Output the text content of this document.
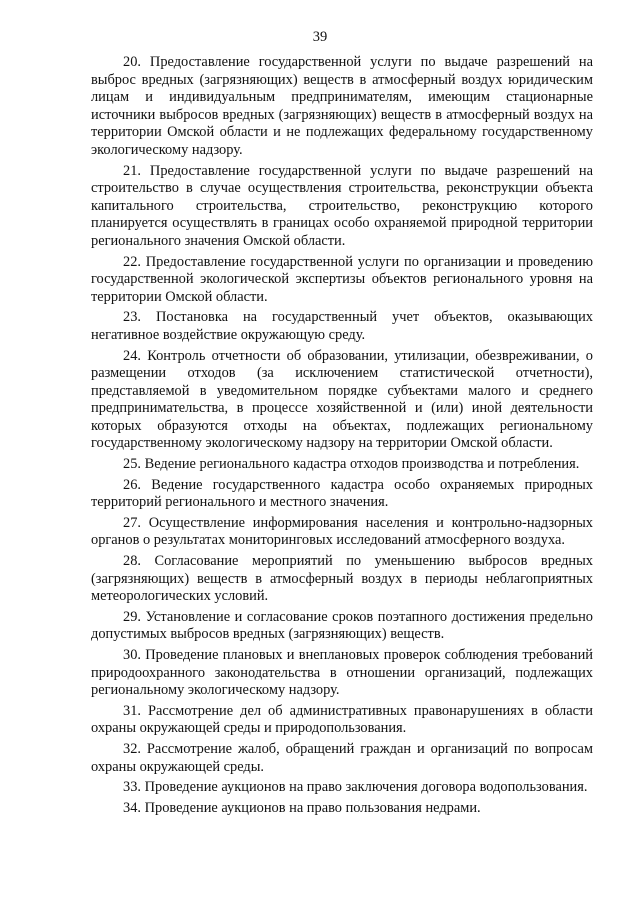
39

20. Предоставление государственной услуги по выдаче разрешений на выброс вредных (загрязняющих) веществ в атмосферный воздух юридическим лицам и индивидуальным предпринимателям, имеющим стационарные источники выбросов вредных (загрязняющих) веществ в атмосферный воздух на территории Омской области и не подлежащих федеральному государственному экологическому надзору.

21. Предоставление государственной услуги по выдаче разрешений на строительство в случае осуществления строительства, реконструкции объекта капитального строительства, строительство, реконструкцию которого планируется осуществлять в границах особо охраняемой природной территории регионального значения Омской области.

22. Предоставление государственной услуги по организации и проведению государственной экологической экспертизы объектов регионального уровня на территории Омской области.

23. Постановка на государственный учет объектов, оказывающих негативное воздействие окружающую среду.

24. Контроль отчетности об образовании, утилизации, обезвреживании, о размещении отходов (за исключением статистической отчетности), представляемой в уведомительном порядке субъектами малого и среднего предпринимательства, в процессе хозяйственной и (или) иной деятельности которых образуются отходы на объектах, подлежащих региональному государственному экологическому надзору на территории Омской области.

25. Ведение регионального кадастра отходов производства и потребления.

26. Ведение государственного кадастра особо охраняемых природных территорий регионального и местного значения.

27. Осуществление информирования населения и контрольно-надзорных органов о результатах мониторинговых исследований атмосферного воздуха.

28. Согласование мероприятий по уменьшению выбросов вредных (загрязняющих) веществ в атмосферный воздух в периоды неблагоприятных метеорологических условий.

29. Установление и согласование сроков поэтапного достижения предельно допустимых выбросов вредных (загрязняющих) веществ.

30. Проведение плановых и внеплановых проверок соблюдения требований природоохранного законодательства в отношении организаций, подлежащих региональному экологическому надзору.

31. Рассмотрение дел об административных правонарушениях в области охраны окружающей среды и природопользования.

32. Рассмотрение жалоб, обращений граждан и организаций по вопросам охраны окружающей среды.

33. Проведение аукционов на право заключения договора водопользования.

34. Проведение аукционов на право пользования недрами.
